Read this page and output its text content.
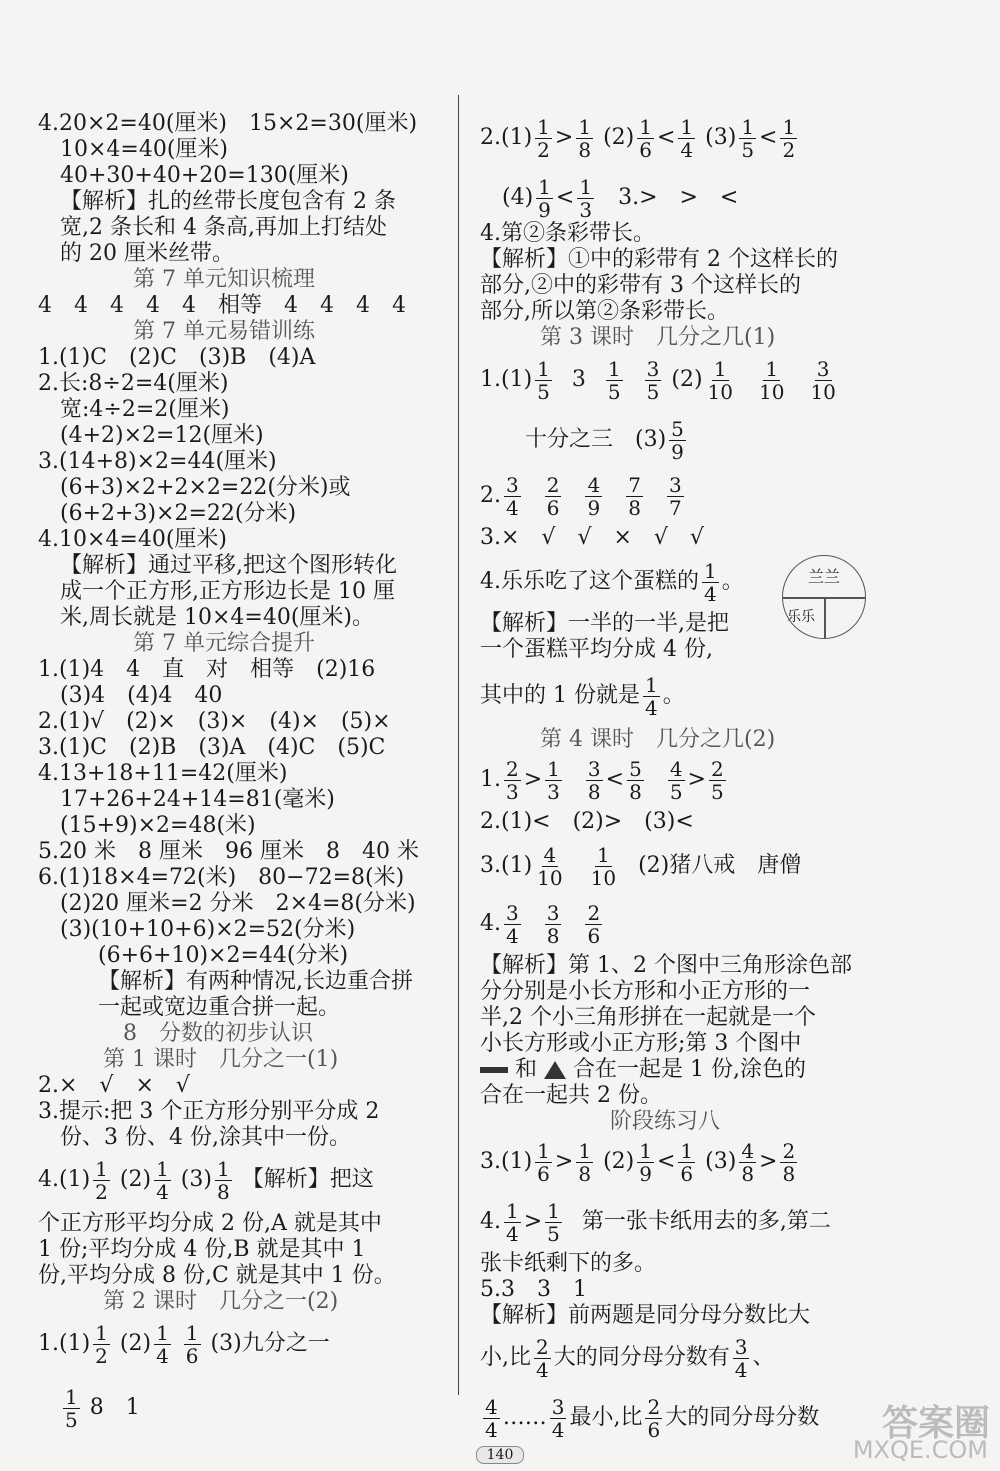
4.20×2=40(厘米)　15×2=30(厘米)
10×4=40(厘米)
40+30+40+20=130(厘米)
【解析】扎的丝带长度包含有 2 条
宽,2 条长和 4 条高,再加上打结处
的 20 厘米丝带。
第 7 单元知识梳理
4　4　4　4　4　相等　4　4　4　4
第 7 单元易错训练
1.(1)C　(2)C　(3)B　(4)A
2.长:8÷2=4(厘米)
宽:4÷2=2(厘米)
(4+2)×2=12(厘米)
3.(14+8)×2=44(厘米)
(6+3)×2+2×2=22(分米)或
(6+2+3)×2=22(分米)
4.10×4=40(厘米)
【解析】通过平移,把这个图形转化
成一个正方形,正方形边长是 10 厘
米,周长就是 10×4=40(厘米)。
第 7 单元综合提升
1.(1)4　4　直　对　相等　(2)16
(3)4　(4)4　40
2.(1)√　(2)×　(3)×　(4)×　(5)×
3.(1)C　(2)B　(3)A　(4)C　(5)C
4.13+18+11=42(厘米)
17+26+24+14=81(毫米)
(15+9)×2=48(米)
5.20 米　8 厘米　96 厘米　8　40 米
6.(1)18×4=72(米)　80−72=8(米)
(2)20 厘米=2 分米　2×4=8(分米)
(3)(10+10+6)×2=52(分米)
(6+6+10)×2=44(分米)
【解析】有两种情况,长边重合拼
一起或宽边重合拼一起。
8　分数的初步认识
第 1 课时　几分之一(1)
2.×　√　×　√
3.提示:把 3 个正方形分别平分成 2
份、3 份、4 份,涂其中一份。
$4.(1) \frac{1}{2} (2) \frac{1}{4} (3) \frac{1}{8}$ 【解析】把这
个正方形平均分成 2 份,A 就是其中
1 份;平均分成 4 份,B 就是其中 1
份,平均分成 8 份,C 就是其中 1 份。
第 2 课时　几分之一(2)
$1.(1) \frac{1}{2} (2) \frac{1}{4}$
$\frac{1}{6} (3)$九分之一
$\frac{1}{5} 8$　1
$2.(1) \frac{1}{2} > \frac{1}{8} (2) \frac{1}{6} < \frac{1}{4} (3) \frac{1}{5} < \frac{1}{2}$
$(4) \frac{1}{9} < \frac{1}{3} 3.>$　>　<
4.第②条彩带长。
【解析】①中的彩带有 2 个这样长的
部分,②中的彩带有 3 个这样长的
部分,所以第②条彩带长。
第 3 课时　几分之几(1)
$1.(1) \frac{1}{5} 3 \frac{1}{5}$
$\frac{3}{5} (2) \frac{1}{10}$
$\frac{1}{10}$
$\frac{3}{10}$
十分之三　$(3) \frac{5}{9}$
2. $\frac{3}{4}$
$\frac{2}{6}$
$\frac{4}{9}$
$\frac{7}{8}$
$\frac{3}{7}$
3.×　√　√　×　√　√
4.乐乐吃了这个蛋糕的 $\frac{1}{4}$ 。
【解析】一半的一半,是把
一个蛋糕平均分成 4 份,
其中的 1 份就是 $\frac{1}{4}$ 。
第 4 课时　几分之几(2)
1. $\frac{2}{3} > \frac{1}{3}$
$\frac{3}{8} < \frac{5}{8}$
$\frac{4}{5} > \frac{2}{5}$
2.(1)<　(2)>　(3)<
$3.(1) \frac{4}{10}$
$\frac{1}{10} (2)$猪八戒　唐僧
4. $\frac{3}{4}$
$\frac{3}{8}$
$\frac{2}{6}$
【解析】第 1、2 个图中三角形涂色部
分分别是小长方形和小正方形的一
半,2 个小三角形拼在一起就是一个
小长方形或小正方形;第 3 个图中
和 合在一起是 1 份,涂色的
合在一起共 2 份。
阶段练习八
$3.(1) \frac{1}{6} > \frac{1}{8} (2) \frac{1}{9} < \frac{1}{6} (3) \frac{4}{8} > \frac{2}{8}$
4. $\frac{1}{4} > \frac{1}{5}$ 第一张卡纸用去的多,第二
张卡纸剩下的多。
5.3　3　1
【解析】前两题是同分母分数比大
小,比 $\frac{2}{4}$ 大的同分母分数有 $\frac{3}{4}$ 、
$\frac{4}{4}$ …… $\frac{3}{4}$ 最小,比 $\frac{2}{6}$ 大的同分母分数
兰兰
乐乐
140
答案圈
MXQE.COM
